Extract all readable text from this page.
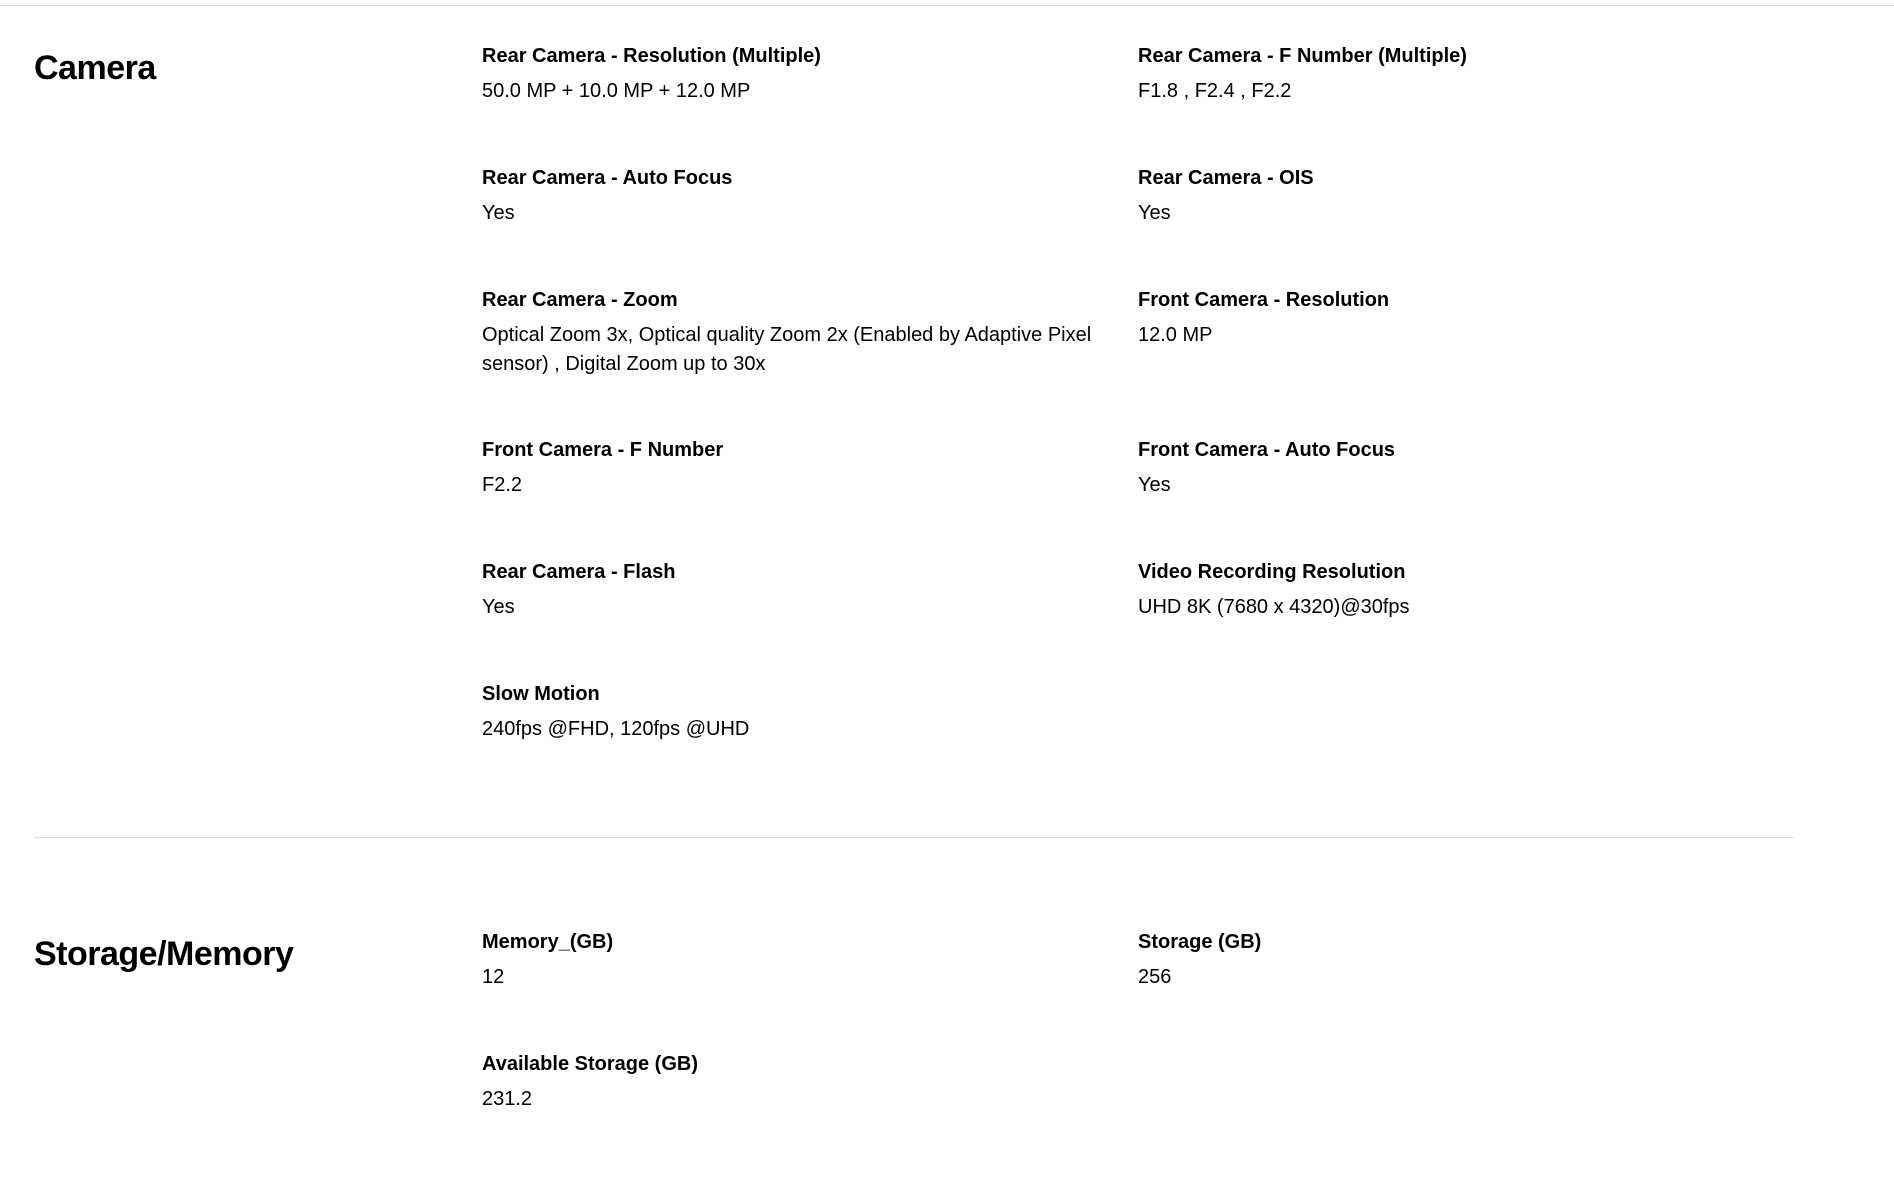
Camera	Rear Camera - Resolution (Multiple)
50.0 MP + 10.0 MP + 12.0 MP
Rear Camera - F Number (Multiple)
F1.8 , F2.4 , F2.2
Rear Camera - Auto Focus
Yes
Rear Camera - OIS
Yes
Rear Camera - Zoom
Optical Zoom 3x, Optical quality Zoom 2x (Enabled by Adaptive Pixel sensor) , Digital Zoom up to 30x
Front Camera - Resolution
12.0 MP
Front Camera - F Number
F2.2
Front Camera - Auto Focus
Yes
Rear Camera - Flash
Yes
Video Recording Resolution
UHD 8K (7680 x 4320)@30fps
Slow Motion
240fps @FHD, 120fps @UHD
Storage/Memory	Memory_(GB)
12
Storage (GB)
256
Available Storage (GB)
231.2
